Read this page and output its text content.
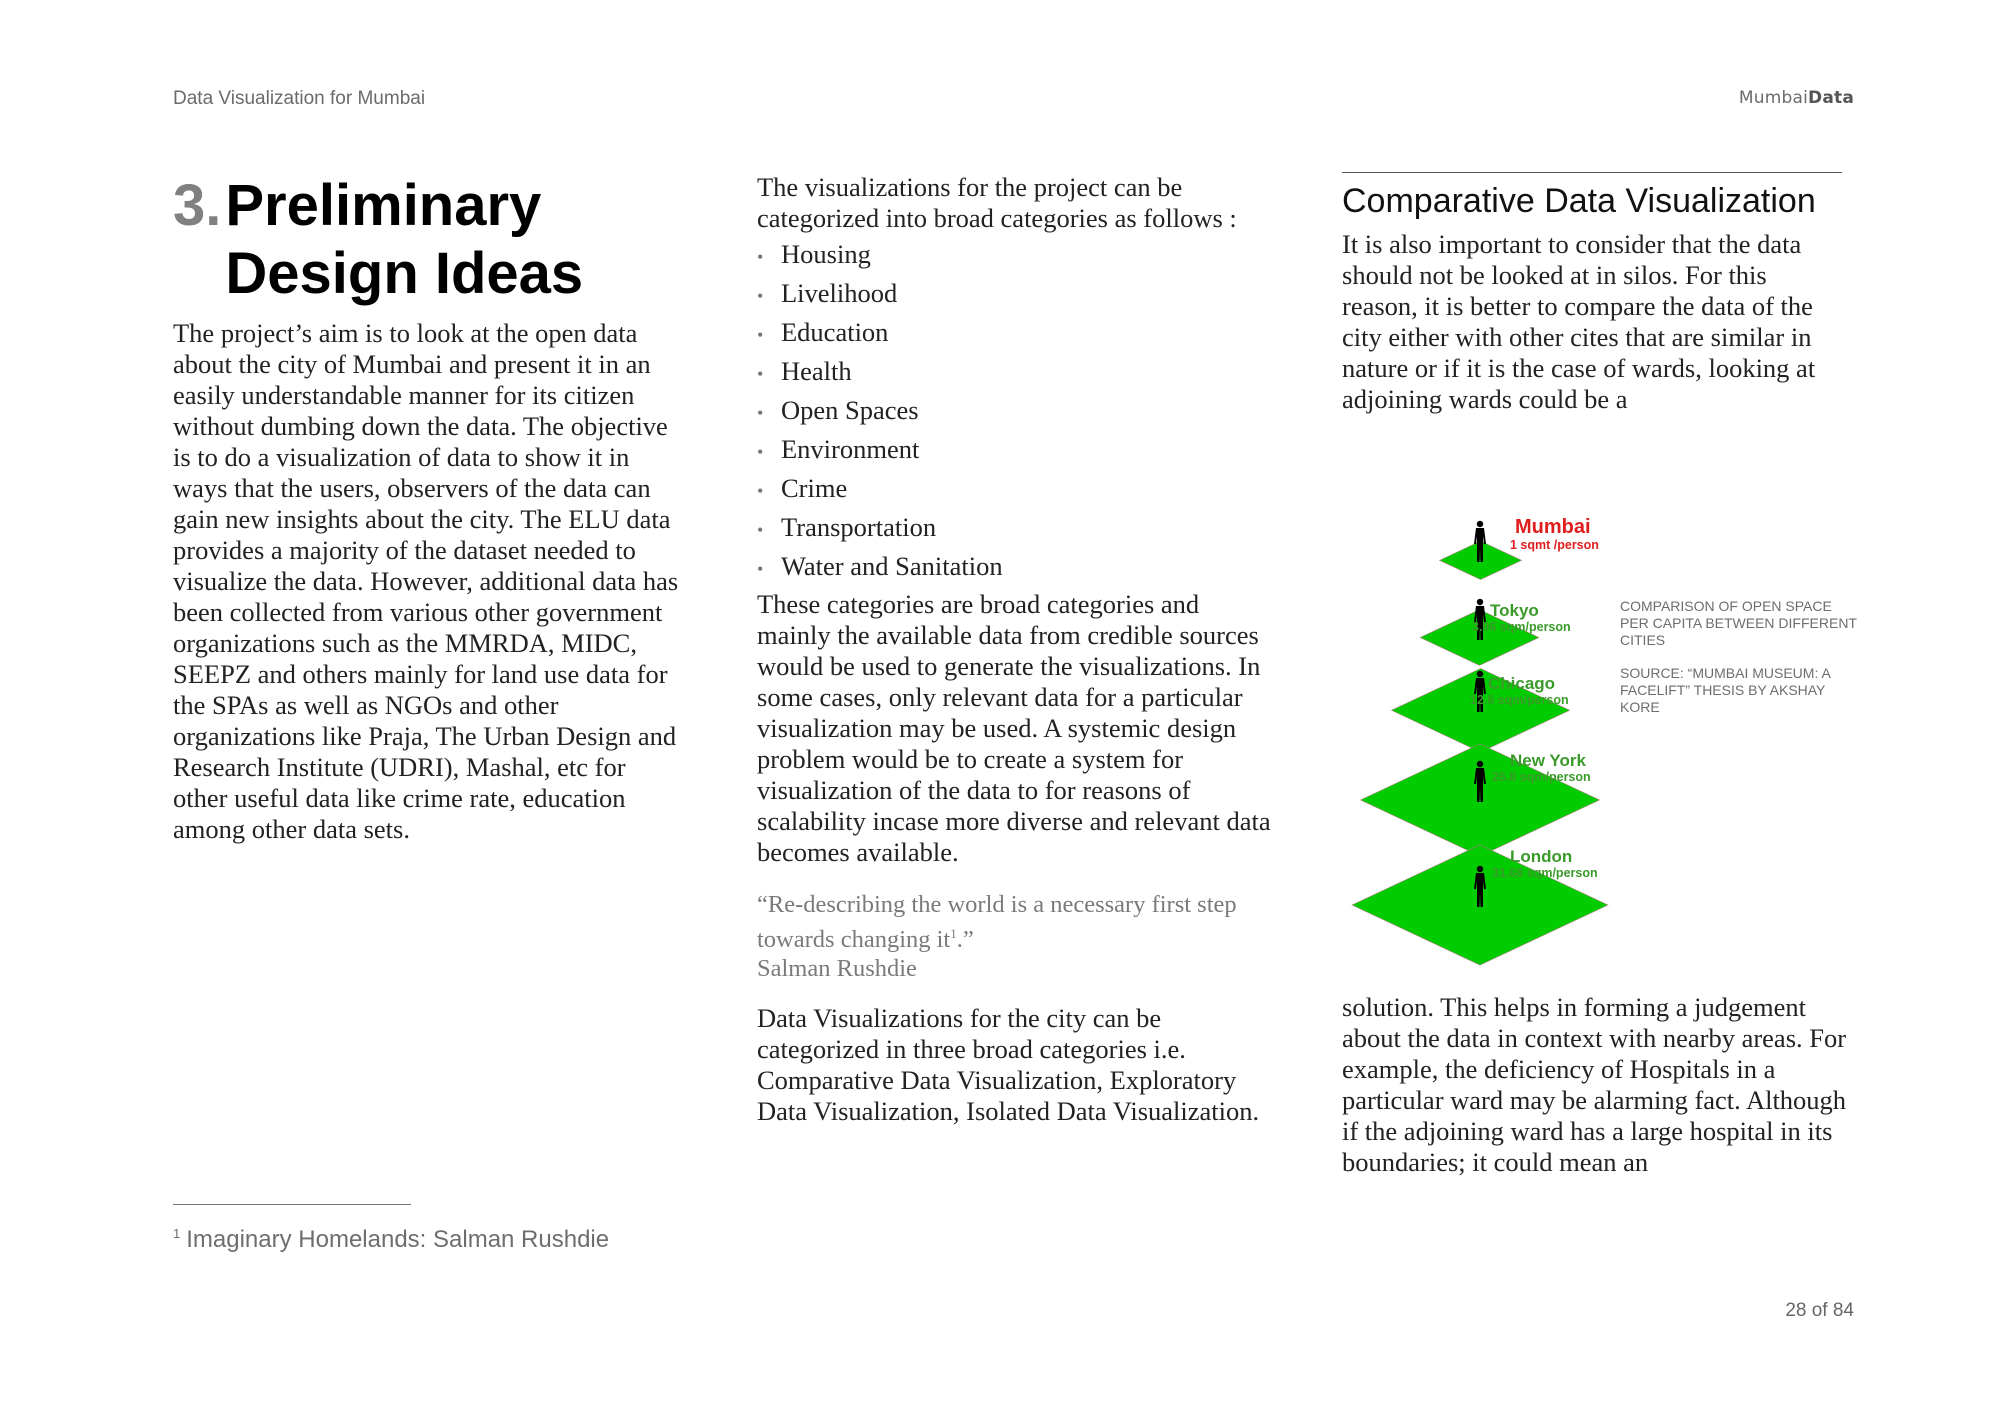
Data Visualization for Mumbai	MumbaiData
3. Preliminary Design Ideas

The project’s aim is to look at the open data about the city of Mumbai and present it in an easily understandable manner for its citizen without dumbing down the data. The objective is to do a visualization of data to show it in ways that the users, observers of the data can gain new insights about the city. The ELU data provides a majority of the dataset needed to visualize the data. However, additional data has been collected from various other government organizations such as the MMRDA, MIDC, SEEPZ and others mainly for land use data for the SPAs as well as NGOs and other organizations like Praja, The Urban Design and Research Institute (UDRI), Mashal, etc for other useful data like crime rate, education among other data sets.

The visualizations for the project can be categorized into broad categories as follows :

• Housing
• Livelihood
• Education
• Health
• Open Spaces
• Environment
• Crime
• Transportation
• Water and Sanitation

These categories are broad categories and mainly the available data from credible sources would be used to generate the visualizations. In some cases, only relevant data for a particular visualization may be used. A systemic design problem would be to create a system for visualization of the data to for reasons of scalability incase more diverse and relevant data becomes available.

“Re-describing the world is a necessary first step towards changing $it^1$.”
Salman Rushdie

Data Visualizations for the city can be categorized in three broad categories i.e. Comparative Data Visualization, Exploratory Data Visualization, Isolated Data Visualization.

Comparative Data Visualization

It is also important to consider that the data should not be looked at in silos. For this reason, it is better to compare the data of the city either with other cites that are similar in nature or if it is the case of wards, looking at adjoining wards could be a

Mumbai
1 sqmt /person
Tokyo
3.96 sqm/person
Chicago
12.6 sqm/person
New York
26.8 sqm/person
London
31.68 sqm/person

COMPARISON OF OPEN SPACE PER CAPITA BETWEEN DIFFERENT CITIES

SOURCE: “MUMBAI MUSEUM: A FACELIFT” THESIS BY AKSHAY KORE

solution. This helps in forming a judgement about the data in context with nearby areas. For example, the deficiency of Hospitals in a particular ward may be alarming fact. Although if the adjoining ward has a large hospital in its boundaries; it could mean an

$^1$ Imaginary Homelands: Salman Rushdie
28 of 84
